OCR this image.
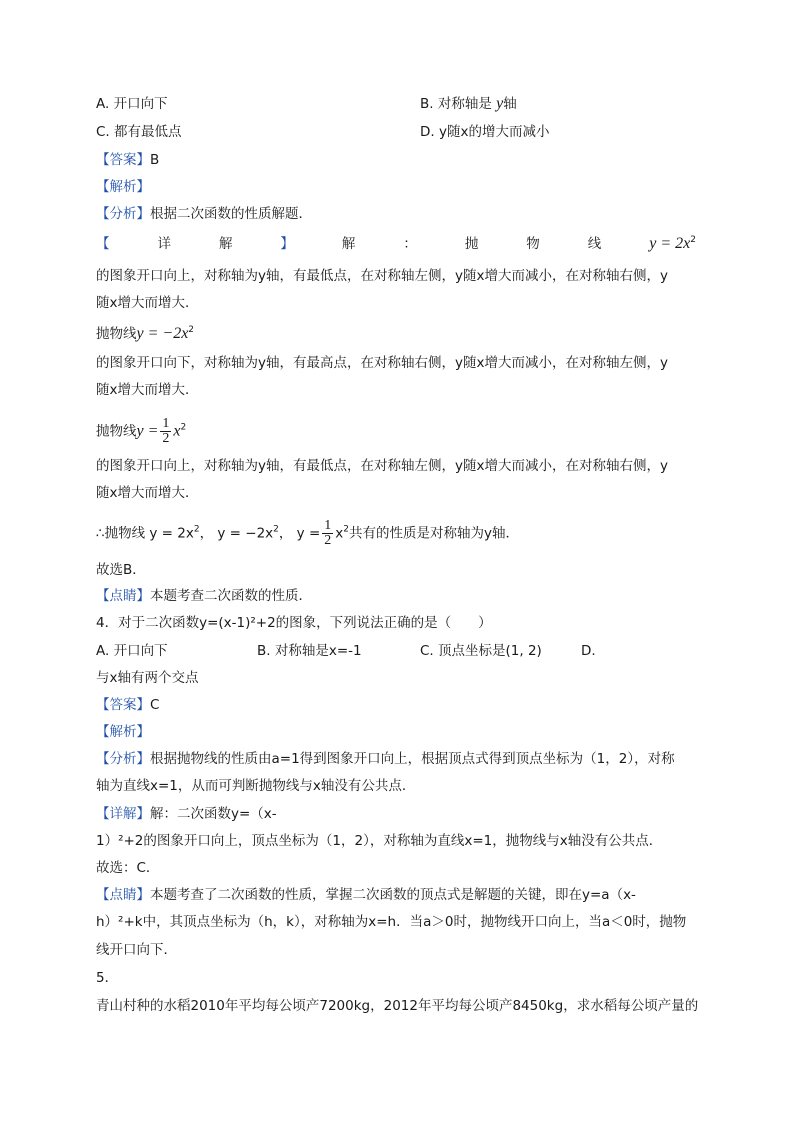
A. 开口向下	B. 对称轴是 y轴
C. 都有最低点	D. y随x的增大而减小
【答案】B
【解析】
【分析】根据二次函数的性质解题．
【	详	解	】	解	：	抛	物	线	$y = 2x^2$
的图象开口向上，对称轴为y轴，有最低点，在对称轴左侧，y随x增大而减小，在对称轴右侧，y
随x增大而增大．
抛物线$y = -2x^2$
的图象开口向下，对称轴为y轴，有最高点，在对称轴右侧，y随x增大而减小，在对称轴左侧，y
随x增大而增大．
抛物线$y = \frac{1}{2} x^2$
的图象开口向上，对称轴为y轴，有最低点，在对称轴左侧，y随x增大而减小，在对称轴右侧，y
随x增大而增大．
∴抛物线 $y = 2x^2$， $y = -2x^2$， $y = \frac{1}{2} x^2$共有的性质是对称轴为y轴．
故选B．
【点睛】本题考查二次函数的性质．
4．对于二次函数y=(x-1)²+2的图象，下列说法正确的是（　　）
A. 开口向下	B. 对称轴是x=-1	C. 顶点坐标是(1, 2)	D.
与x轴有两个交点
【答案】C
【解析】
【分析】根据抛物线的性质由a=1得到图象开口向上，根据顶点式得到顶点坐标为（1，2），对称
轴为直线x=1，从而可判断抛物线与x轴没有公共点．
【详解】解：二次函数y=（x-
1）²+2的图象开口向上，顶点坐标为（1，2），对称轴为直线x=1，抛物线与x轴没有公共点．
故选：C．
【点睛】本题考查了二次函数的性质，掌握二次函数的顶点式是解题的关键，即在y=a（x-
h）²+k中，其顶点坐标为（h，k），对称轴为x=h．当a＞0时，抛物线开口向上，当a＜0时，抛物
线开口向下．
5．
青山村种的水稻2010年平均每公顷产7200kg，2012年平均每公顷产8450kg，求水稻每公顷产量的
